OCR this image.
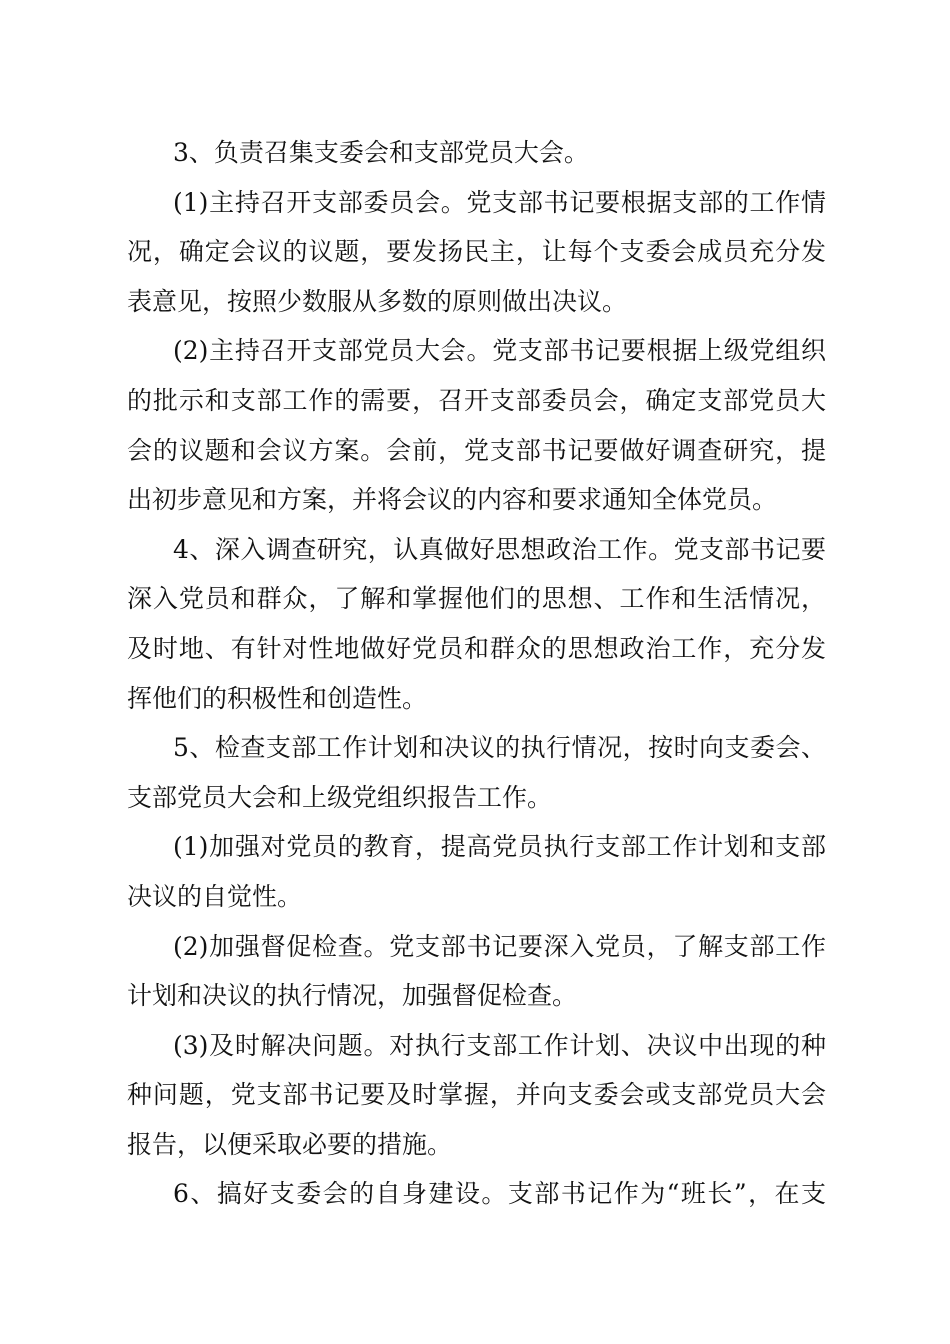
3、负责召集支委会和支部党员大会。
(1)主持召开支部委员会。党支部书记要根据支部的工作情
况，确定会议的议题，要发扬民主，让每个支委会成员充分发
表意见，按照少数服从多数的原则做出决议。
(2)主持召开支部党员大会。党支部书记要根据上级党组织
的批示和支部工作的需要，召开支部委员会，确定支部党员大
会的议题和会议方案。会前，党支部书记要做好调查研究，提
出初步意见和方案，并将会议的内容和要求通知全体党员。
4、深入调查研究，认真做好思想政治工作。党支部书记要
深入党员和群众，了解和掌握他们的思想、工作和生活情况，
及时地、有针对性地做好党员和群众的思想政治工作，充分发
挥他们的积极性和创造性。
5、检查支部工作计划和决议的执行情况，按时向支委会、
支部党员大会和上级党组织报告工作。
(1)加强对党员的教育，提高党员执行支部工作计划和支部
决议的自觉性。
(2)加强督促检查。党支部书记要深入党员，了解支部工作
计划和决议的执行情况，加强督促检查。
(3)及时解决问题。对执行支部工作计划、决议中出现的种
种问题，党支部书记要及时掌握，并向支委会或支部党员大会
报告，以便采取必要的措施。
6、搞好支委会的自身建设。支部书记作为“班长”，在支
